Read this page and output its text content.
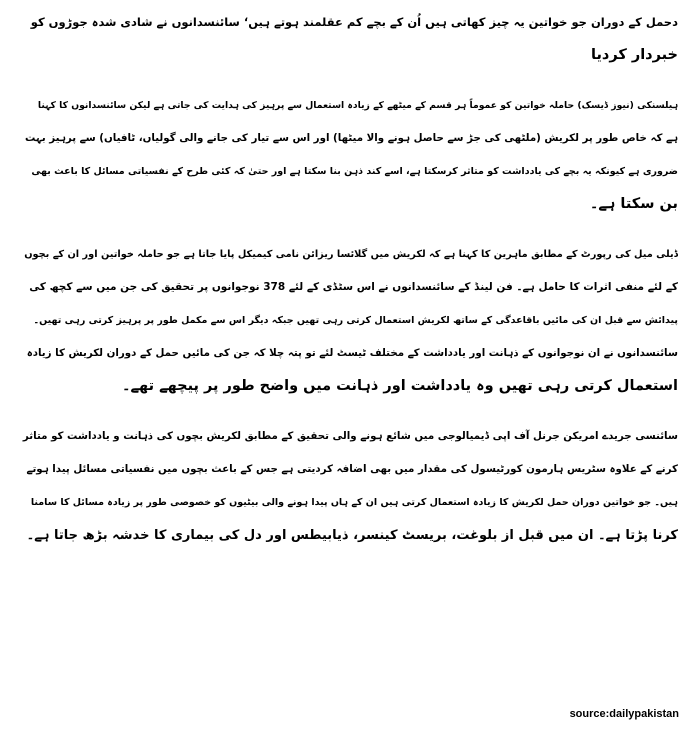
دحمل کے دوران جو خواتین یہ چیز کھاتی ہیں اُن کے بچے کم عقلمند ہوتے ہیں‘ سائنسدانوں نے شادی شدہ جوڑوں کو
خبردار کردیا
ہیلسنکی (نیوز ڈیسک) حاملہ خواتین کو عموماً ہر قسم کے میٹھے کے زیادہ استعمال سے پرہیز کی ہدایت کی جاتی ہے لیکن سائنسدانوں کا کہنا
ہے کہ خاص طور پر لکریش (ملٹھی کی جڑ سے حاصل ہونے والا میٹھا) اور اس سے تیار کی جانے والی گولیاں، ٹافیاں) سے پرہیز بہت
ضروری ہے کیونکہ یہ بچے کی یادداشت کو متاثر کرسکتا ہے، اسے کند ذہن بنا سکتا ہے اور حتیٰ کہ کئی طرح کے نفسیاتی مسائل کا باعث بھی
بن سکتا ہے۔
ڈیلی میل کی رپورٹ کے مطابق ماہرین کا کہنا ہے کہ لکریش میں گلائسا ریزائن نامی کیمیکل پایا جاتا ہے جو حاملہ خواتین اور ان کے بچوں
کے لئے منفی اثرات کا حامل ہے۔ فن لینڈ کے سائنسدانوں نے اس سٹڈی کے لئے 378 نوجوانوں پر تحقیق کی جن میں سے کچھ کی
پیدائش سے قبل ان کی مائیں باقاعدگی کے ساتھ لکریش استعمال کرتی رہی تھیں جبکہ دیگر اس سے مکمل طور پر پرہیز کرتی رہی تھیں۔
سائنسدانوں نے ان نوجوانوں کے ذہانت اور یادداشت کے مختلف ٹیسٹ لئے تو پتہ چلا کہ جن کی مائیں حمل کے دوران لکریش کا زیادہ
استعمال کرتی رہی تھیں وہ یادداشت اور ذہانت میں واضح طور پر پیچھے تھے۔
سائنسی جریدے امریکن جرنل آف اپی ڈیمیالوجی میں شائع ہونے والی تحقیق کے مطابق لکریش بچوں کی ذہانت و یادداشت کو متاثر
کرنے کے علاوہ سٹریس ہارمون کورٹیسول کی مقدار میں بھی اضافہ کردیتی ہے جس کے باعث بچوں میں نفسیاتی مسائل پیدا ہوتے
ہیں۔ جو خواتین دوران حمل لکریش کا زیادہ استعمال کرتی ہیں ان کے ہاں پیدا ہونے والی بیٹیوں کو خصوصی طور پر زیادہ مسائل کا سامنا
کرنا پڑتا ہے۔ ان میں قبل از بلوغت، بریسٹ کینسر، ذیابیطس اور دل کی بیماری کا خدشہ بڑھ جاتا ہے۔
source:dailypakistan
